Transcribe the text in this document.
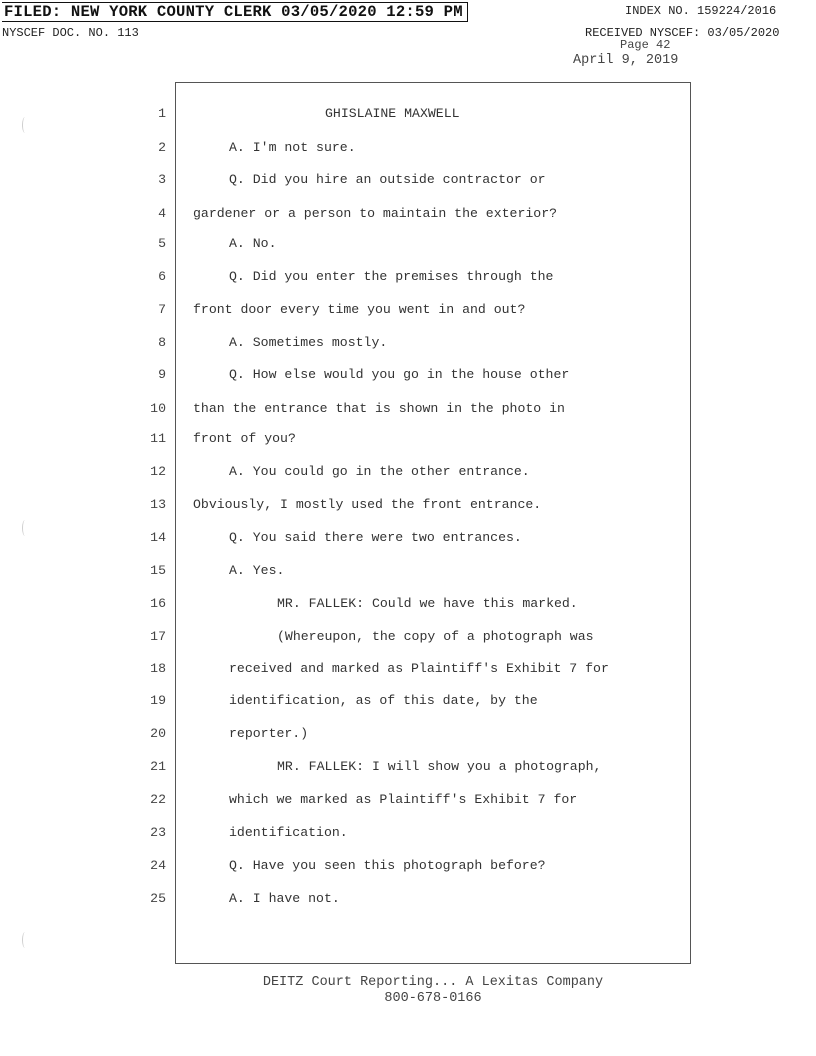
FILED: NEW YORK COUNTY CLERK 03/05/2020 12:59 PM	INDEX NO. 159224/2016
NYSCEF DOC. NO. 113	RECEIVED NYSCEF: 03/05/2020
Page 42
April 9, 2019
1	GHISLAINE MAXWELL
2	A. I'm not sure.
3	Q. Did you hire an outside contractor or
4 gardener or a person to maintain the exterior?
5	A. No.
6	Q. Did you enter the premises through the
7 front door every time you went in and out?
8	A. Sometimes mostly.
9	Q. How else would you go in the house other
10 than the entrance that is shown in the photo in
11 front of you?
12	A. You could go in the other entrance.
13 Obviously, I mostly used the front entrance.
14	Q. You said there were two entrances.
15	A. Yes.
16	MR. FALLEK: Could we have this marked.
17	(Whereupon, the copy of a photograph was
18	received and marked as Plaintiff's Exhibit 7 for
19	identification, as of this date, by the
20	reporter.)
21	MR. FALLEK: I will show you a photograph,
22	which we marked as Plaintiff's Exhibit 7 for
23	identification.
24	Q. Have you seen this photograph before?
25	A. I have not.
DEITZ Court Reporting... A Lexitas Company
800-678-0166
